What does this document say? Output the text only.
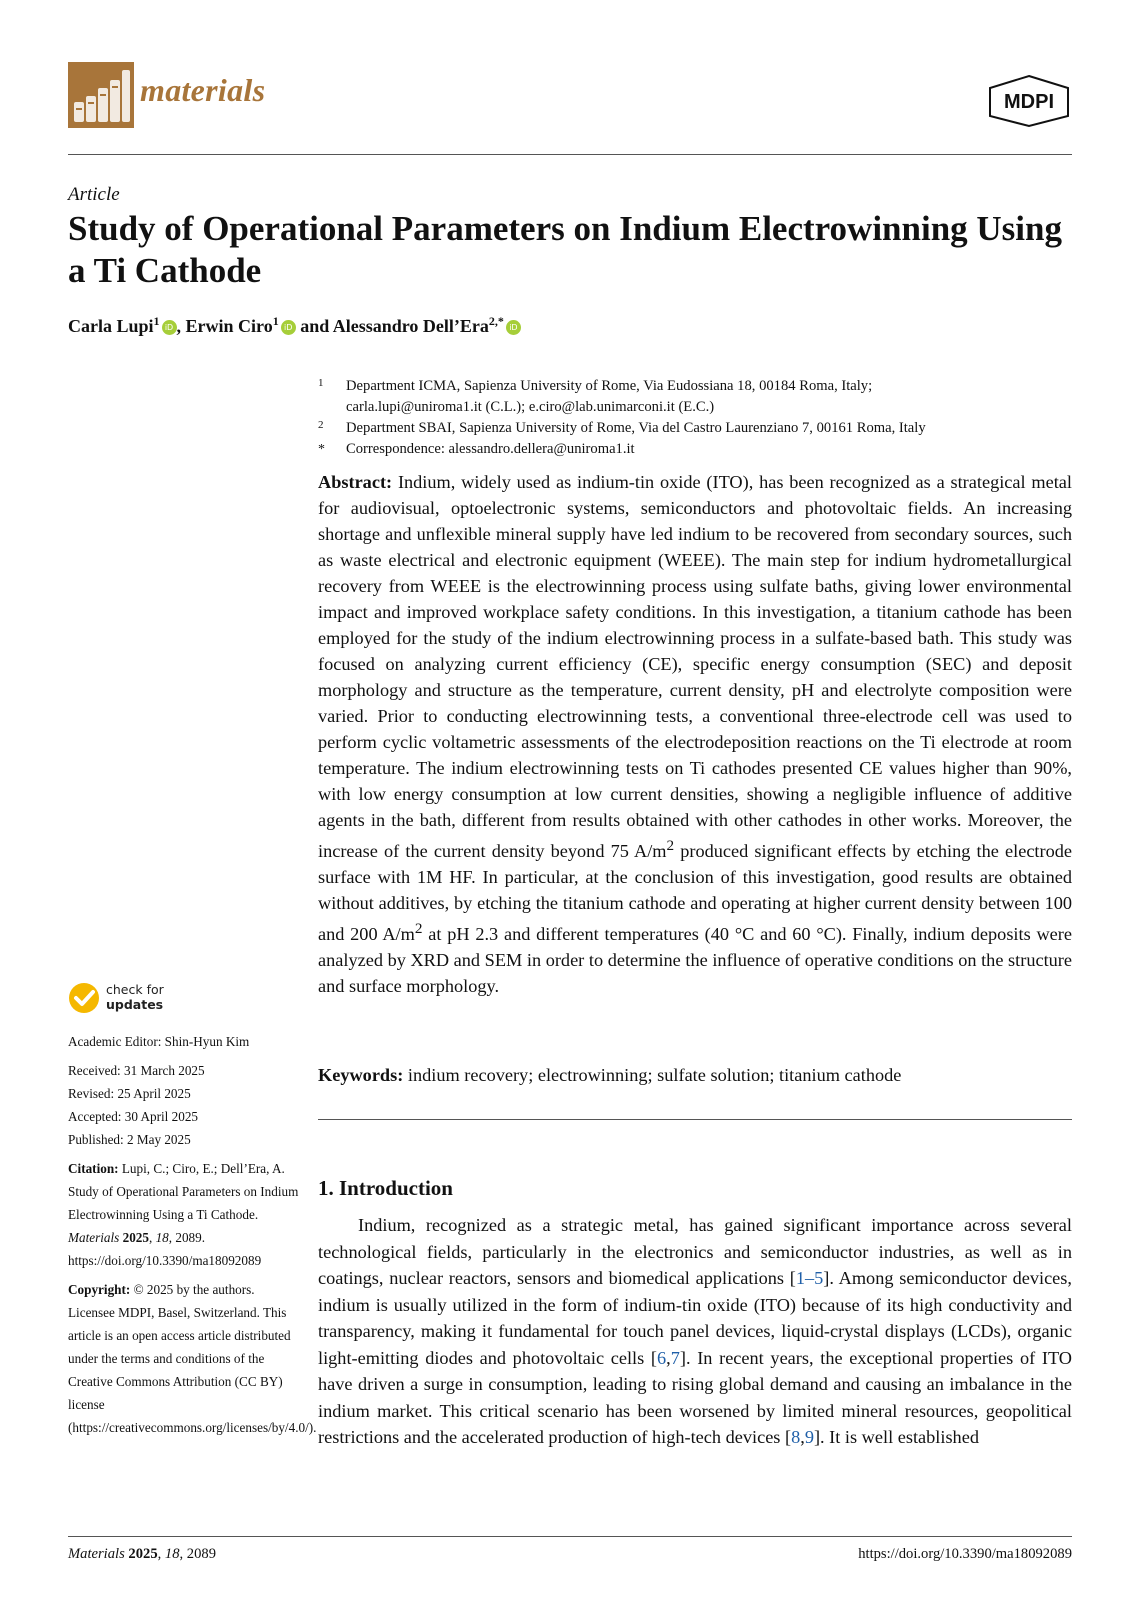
materials	MDPI
Article
Study of Operational Parameters on Indium Electrowinning Using a Ti Cathode
Carla Lupi$^1$ iD , Erwin Ciro$^1$ iD and Alessandro Dell’Era$^{2,*}$ iD
1 Department ICMA, Sapienza University of Rome, Via Eudossiana 18, 00184 Roma, Italy;
carla.lupi@uniroma1.it (C.L.); e.ciro@lab.unimarconi.it (E.C.)
2 Department SBAI, Sapienza University of Rome, Via del Castro Laurenziano 7, 00161 Roma, Italy
* Correspondence: alessandro.dellera@uniroma1.it

Abstract: Indium, widely used as indium-tin oxide (ITO), has been recognized as a strategical metal for audiovisual, optoelectronic systems, semiconductors and photovoltaic fields. An increasing shortage and unflexible mineral supply have led indium to be recovered from secondary sources, such as waste electrical and electronic equipment (WEEE). The main step for indium hydrometallurgical recovery from WEEE is the electrowinning process using sulfate baths, giving lower environmental impact and improved workplace safety conditions. In this investigation, a titanium cathode has been employed for the study of the indium electrowinning process in a sulfate-based bath. This study was focused on analyzing current efficiency (CE), specific energy consumption (SEC) and deposit morphology and structure as the temperature, current density, pH and electrolyte composition were varied. Prior to conducting electrowinning tests, a conventional three-electrode cell was used to perform cyclic voltametric assessments of the electrodeposition reactions on the Ti electrode at room temperature. The indium electrowinning tests on Ti cathodes presented CE values higher than 90%, with low energy consumption at low current densities, showing a negligible influence of additive agents in the bath, different from results obtained with other cathodes in other works. Moreover, the increase of the current density beyond 75 $A/m^2$ produced significant effects by etching the electrode surface with 1M HF. In particular, at the conclusion of this investigation, good results are obtained without additives, by etching the titanium cathode and operating at higher current density between 100 and 200 $A/m^2$ at pH 2.3 and different temperatures (40 °C and 60 °C). Finally, indium deposits were analyzed by XRD and SEM in order to determine the influence of operative conditions on the structure and surface morphology.

Keywords: indium recovery; electrowinning; sulfate solution; titanium cathode
1. Introduction

Indium, recognized as a strategic metal, has gained significant importance across several technological fields, particularly in the electronics and semiconductor industries, as well as in coatings, nuclear reactors, sensors and biomedical applications [1–5]. Among semiconductor devices, indium is usually utilized in the form of indium-tin oxide (ITO) because of its high conductivity and transparency, making it fundamental for touch panel devices, liquid-crystal displays (LCDs), organic light-emitting diodes and photovoltaic cells [6,7]. In recent years, the exceptional properties of ITO have driven a surge in consumption, leading to rising global demand and causing an imbalance in the indium market. This critical scenario has been worsened by limited mineral resources, geopolitical restrictions and the accelerated production of high-tech devices [8,9]. It is well established

check for
updates
Academic Editor: Shin-Hyun Kim
Received: 31 March 2025
Revised: 25 April 2025
Accepted: 30 April 2025
Published: 2 May 2025
Citation: Lupi, C.; Ciro, E.; Dell’Era, A. Study of Operational Parameters on Indium Electrowinning Using a Ti Cathode. Materials 2025, 18, 2089. https://doi.org/10.3390/ma18092089
Copyright: © 2025 by the authors. Licensee MDPI, Basel, Switzerland. This article is an open access article distributed under the terms and conditions of the Creative Commons Attribution (CC BY) license (https://creativecommons.org/licenses/by/4.0/).
Materials 2025, 18, 2089	https://doi.org/10.3390/ma18092089
